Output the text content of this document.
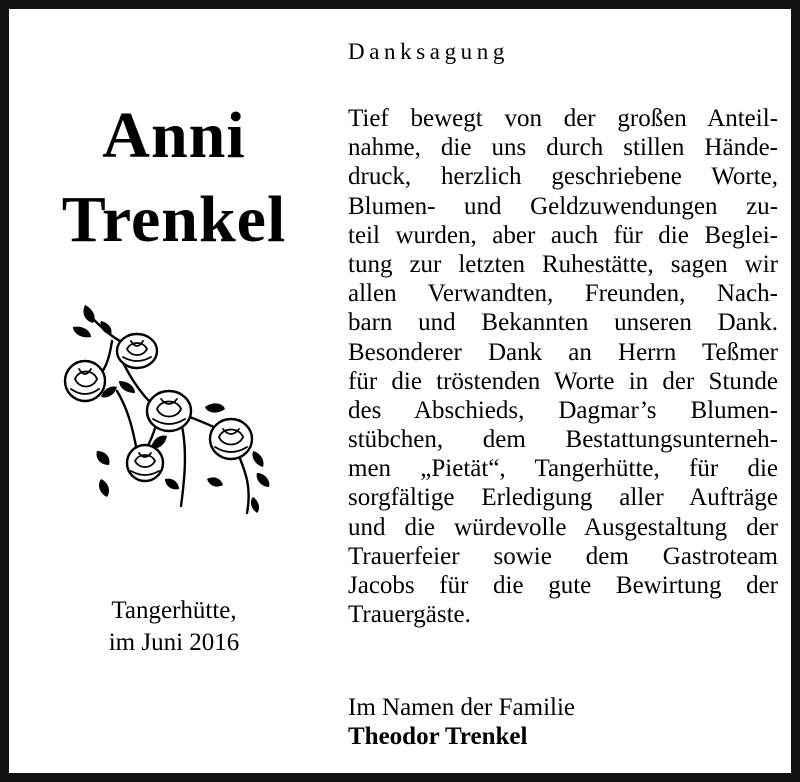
Anni
Trenkel
Tangerhütte,
im Juni 2016
Danksagung
Tief bewegt von der großen Anteil-
nahme, die uns durch stillen Hände-
druck, herzlich geschriebene Worte,
Blumen- und Geldzuwendungen zu-
teil wurden, aber auch für die Beglei-
tung zur letzten Ruhestätte, sagen wir
allen Verwandten, Freunden, Nach-
barn und Bekannten unseren Dank.
Besonderer Dank an Herrn Teßmer
für die tröstenden Worte in der Stunde
des Abschieds, Dagmar’s Blumen-
stübchen, dem Bestattungsunterneh-
men „Pietät“, Tangerhütte, für die
sorgfältige Erledigung aller Aufträge
und die würdevolle Ausgestaltung der
Trauerfeier sowie dem Gastroteam
Jacobs für die gute Bewirtung der
Trauergäste.
Im Namen der Familie
Theodor Trenkel
